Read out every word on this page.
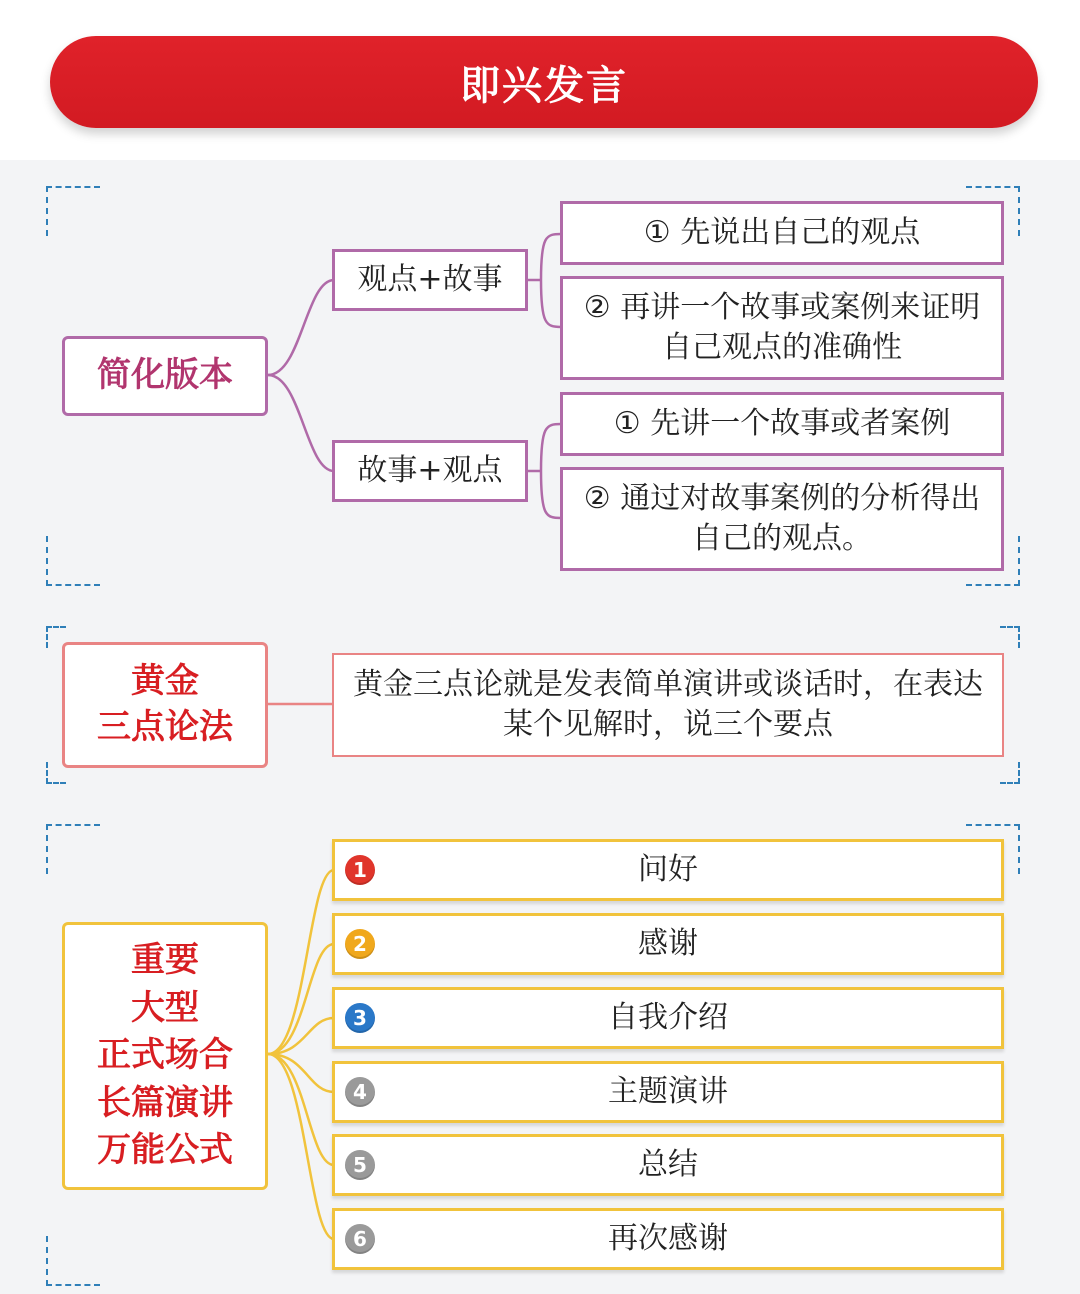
即兴发言
简化版本
观点+故事
故事+观点
① 先说出自己的观点
② 再讲一个故事或案例来证明自己观点的准确性
① 先讲一个故事或者案例
② 通过对故事案例的分析得出自己的观点。
黄金
三点论法
黄金三点论就是发表简单演讲或谈话时，在表达某个见解时，说三个要点
重要
大型
正式场合
长篇演讲
万能公式
1	问好
2	感谢
3	自我介绍
4	主题演讲
5	总结
6	再次感谢
